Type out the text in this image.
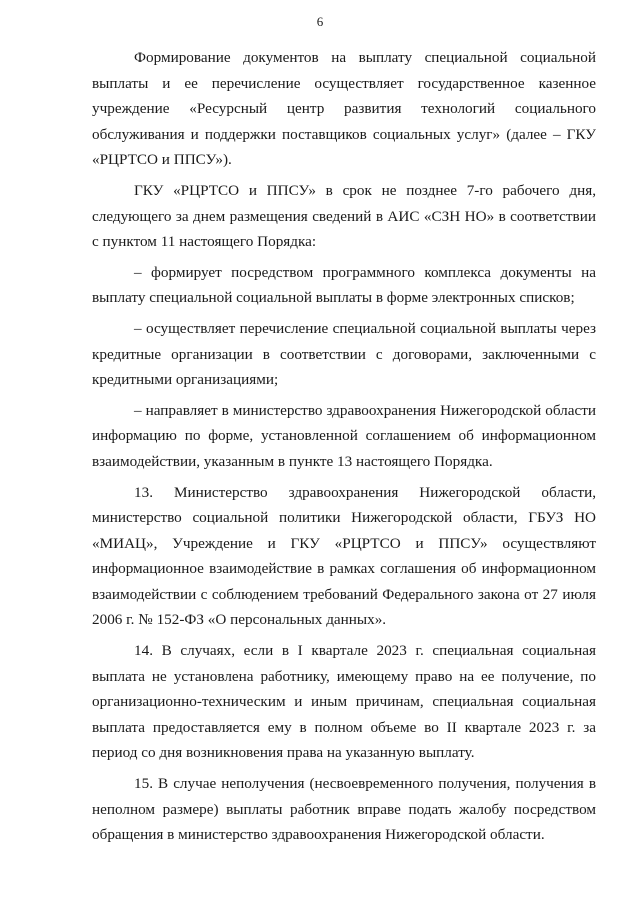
6

Формирование документов на выплату специальной социальной выплаты и ее перечисление осуществляет государственное казенное учреждение «Ресурсный центр развития технологий социального обслуживания и поддержки поставщиков социальных услуг» (далее – ГКУ «РЦРТСО и ППСУ»).

ГКУ «РЦРТСО и ППСУ» в срок не позднее 7-го рабочего дня, следующего за днем размещения сведений в АИС «СЗН НО» в соответствии с пунктом 11 настоящего Порядка:

– формирует посредством программного комплекса документы на выплату специальной социальной выплаты в форме электронных списков;

– осуществляет перечисление специальной социальной выплаты через кредитные организации в соответствии с договорами, заключенными с кредитными организациями;

– направляет в министерство здравоохранения Нижегородской области информацию по форме, установленной соглашением об информационном взаимодействии, указанным в пункте 13 настоящего Порядка.

13. Министерство здравоохранения Нижегородской области, министерство социальной политики Нижегородской области, ГБУЗ НО «МИАЦ», Учреждение и ГКУ «РЦРТСО и ППСУ» осуществляют информационное взаимодействие в рамках соглашения об информационном взаимодействии с соблюдением требований Федерального закона от 27 июля 2006 г. № 152-ФЗ «О персональных данных».

14. В случаях, если в I квартале 2023 г. специальная социальная выплата не установлена работнику, имеющему право на ее получение, по организационно-техническим и иным причинам, специальная социальная выплата предоставляется ему в полном объеме во II квартале 2023 г. за период со дня возникновения права на указанную выплату.

15. В случае неполучения (несвоевременного получения, получения в неполном размере) выплаты работник вправе подать жалобу посредством обращения в министерство здравоохранения Нижегородской области.
